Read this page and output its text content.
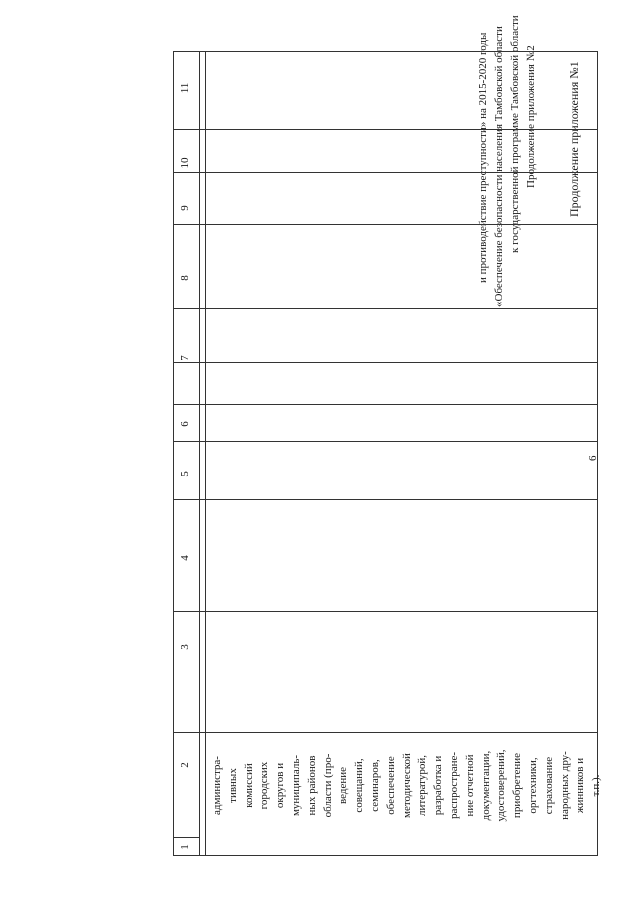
6
Продолжение приложения №1
Продолжение приложения №2
к государственной программе Тамбовской области
«Обеспечение безопасности населения Тамбовской области
и противодействие преступности» на 2015-2020 годы
1
2
3
4
5
6
7
8
9
10
11
администра- тивных комиссий городских округов и муниципаль- ных районов области (про- ведение совещаний, семинаров, обеспечение методической литературой, разработка и распростране- ние отчетной документации, удостоверений, приобретение оргтехники, страхование народных дру- жинников и т.п.).
